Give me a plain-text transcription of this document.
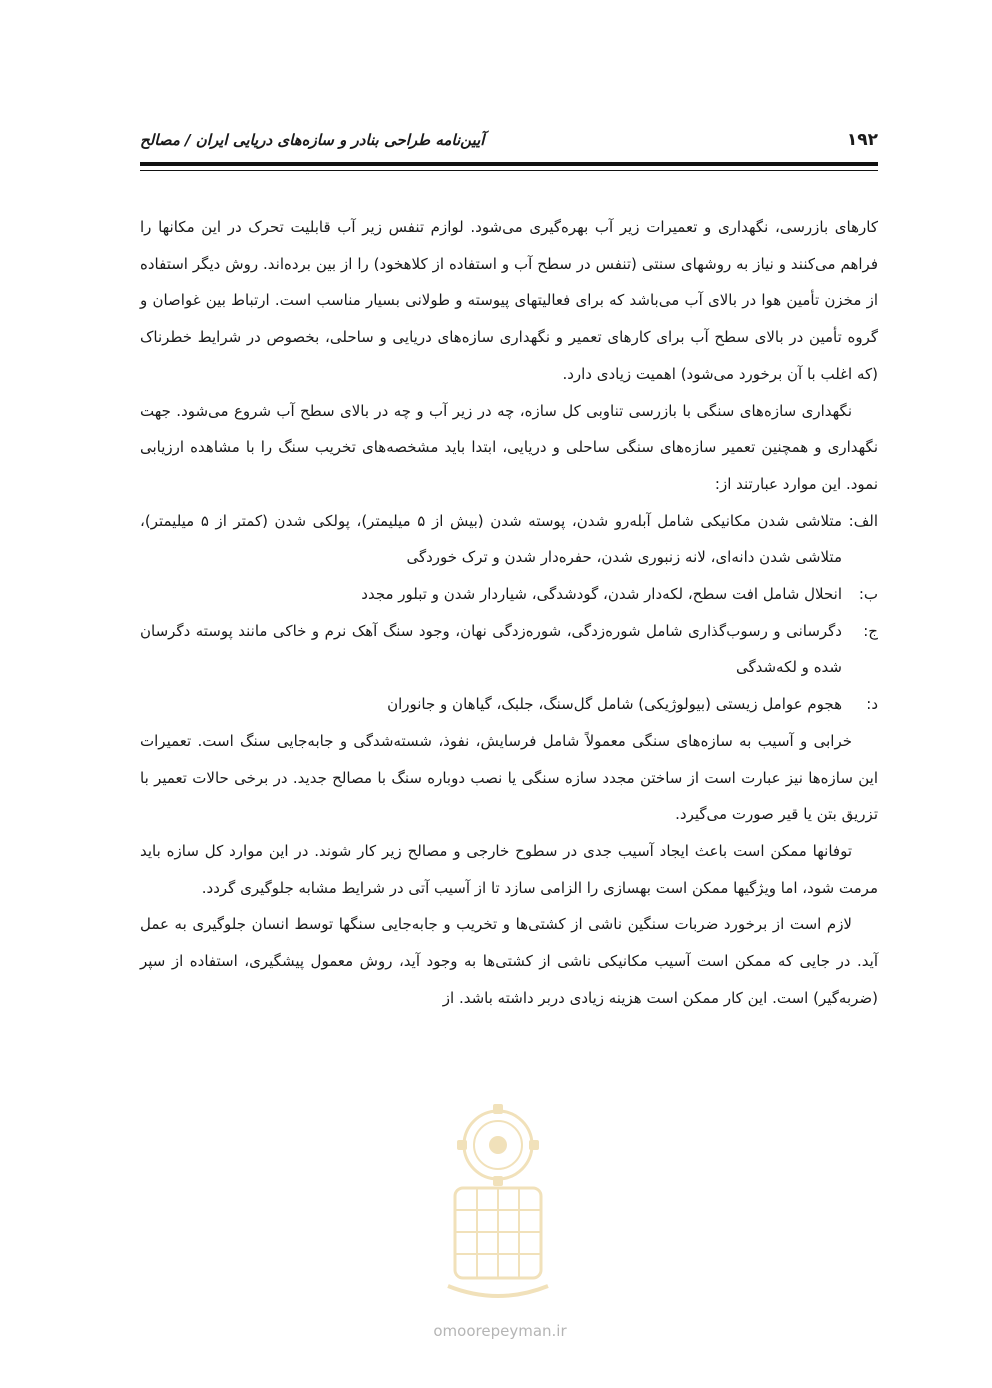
۱۹۲
آیین‌نامه طراحی بنادر و سازه‌های دریایی ایران / مصالح

کارهای بازرسی، نگهداری و تعمیرات زیر آب بهره‌گیری می‌شود. لوازم تنفس زیر آب قابلیت تحرک در این مکانها را فراهم می‌کنند و نیاز به روشهای سنتی (تنفس در سطح آب و استفاده از کلاهخود) را از بین برده‌اند. روش دیگر استفاده از مخزن تأمین هوا در بالای آب می‌باشد که برای فعالیتهای پیوسته و طولانی بسیار مناسب است. ارتباط بین غواصان و گروه تأمین در بالای سطح آب برای کارهای تعمیر و نگهداری سازه‌های دریایی و ساحلی، بخصوص در شرایط خطرناک (که اغلب با آن برخورد می‌شود) اهمیت زیادی دارد.

نگهداری سازه‌های سنگی با بازرسی تناوبی کل سازه، چه در زیر آب و چه در بالای سطح آب شروع می‌شود. جهت نگهداری و همچنین تعمیر سازه‌های سنگی ساحلی و دریایی، ابتدا باید مشخصه‌های تخریب سنگ را با مشاهده ارزیابی نمود. این موارد عبارتند از:

الف:
متلاشی شدن مکانیکی شامل آبله‌رو شدن، پوسته شدن (بیش از ۵ میلیمتر)، پولکی شدن (کمتر از ۵ میلیمتر)، متلاشی شدن دانه‌ای، لانه زنبوری شدن، حفره‌دار شدن و ترک خوردگی
ب:
انحلال شامل افت سطح، لکه‌دار شدن، گودشدگی، شیاردار شدن و تبلور مجدد
ج:
دگرسانی و رسوب‌گذاری شامل شوره‌زدگی، شوره‌زدگی نهان، وجود سنگ آهک نرم و خاکی مانند پوسته دگرسان شده و لکه‌شدگی
د:
هجوم عوامل زیستی (بیولوژیکی) شامل گل‌سنگ، جلبک، گیاهان و جانوران

خرابی و آسیب به سازه‌های سنگی معمولاً شامل فرسایش، نفوذ، شسته‌شدگی و جابه‌جایی سنگ است. تعمیرات این سازه‌ها نیز عبارت است از ساختن مجدد سازه سنگی یا نصب دوباره سنگ با مصالح جدید. در برخی حالات تعمیر با تزریق بتن یا قیر صورت می‌گیرد.

توفانها ممکن است باعث ایجاد آسیب جدی در سطوح خارجی و مصالح زیر کار شوند. در این موارد کل سازه باید مرمت شود، اما ویژگیها ممکن است بهسازی را الزامی سازد تا از آسیب آتی در شرایط مشابه جلوگیری گردد.

لازم است از برخورد ضربات سنگین ناشی از کشتی‌ها و تخریب و جابه‌جایی سنگها توسط انسان جلوگیری به عمل آید. در جایی که ممکن است آسیب مکانیکی ناشی از کشتی‌ها به وجود آید، روش معمول پیشگیری، استفاده از سپر (ضربه‌گیر) است. این کار ممکن است هزینه زیادی دربر داشته باشد. از

omoorepeyman.ir
